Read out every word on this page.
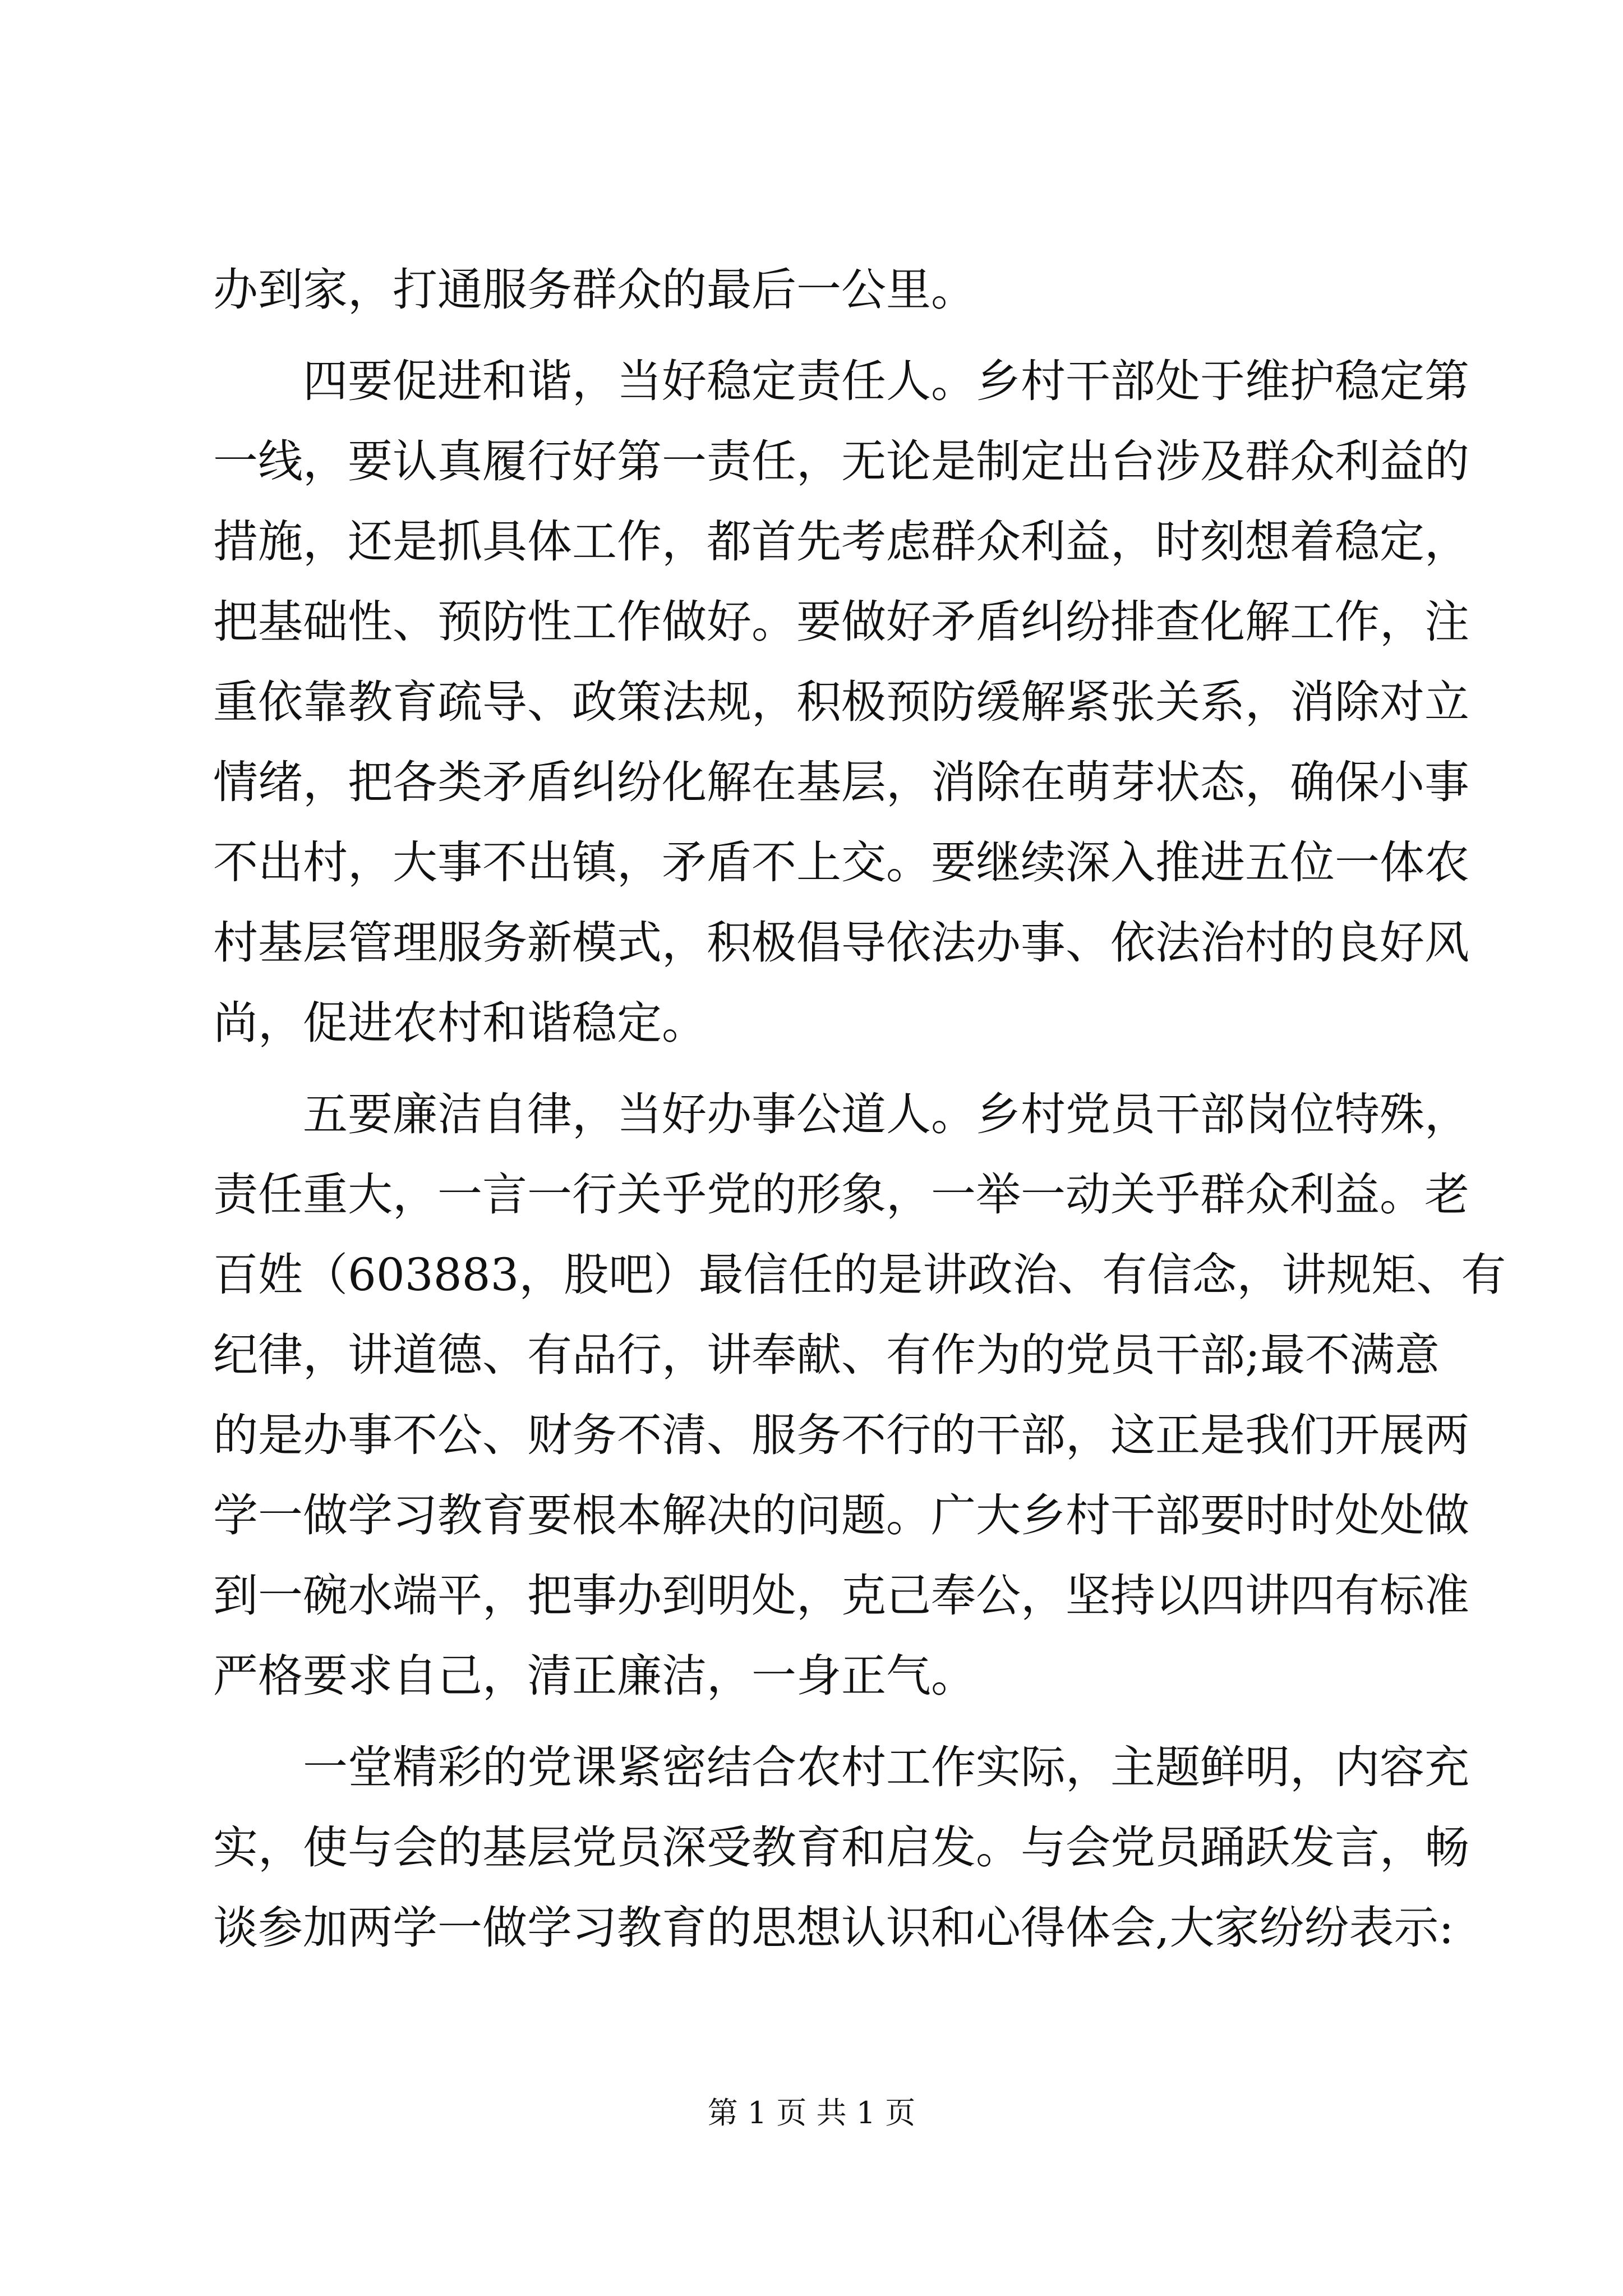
办到家，打通服务群众的最后一公里。
四要促进和谐，当好稳定责任人。乡村干部处于维护稳定第
一线，要认真履行好第一责任，无论是制定出台涉及群众利益的
措施，还是抓具体工作，都首先考虑群众利益，时刻想着稳定，
把基础性、预防性工作做好。要做好矛盾纠纷排查化解工作，注
重依靠教育疏导、政策法规，积极预防缓解紧张关系，消除对立
情绪，把各类矛盾纠纷化解在基层，消除在萌芽状态，确保小事
不出村，大事不出镇，矛盾不上交。要继续深入推进五位一体农
村基层管理服务新模式，积极倡导依法办事、依法治村的良好风
尚，促进农村和谐稳定。
五要廉洁自律，当好办事公道人。乡村党员干部岗位特殊，
责任重大，一言一行关乎党的形象，一举一动关乎群众利益。老
百姓（603883，股吧）最信任的是讲政治、有信念，讲规矩、有
纪律，讲道德、有品行，讲奉献、有作为的党员干部;最不满意
的是办事不公、财务不清、服务不行的干部，这正是我们开展两
学一做学习教育要根本解决的问题。广大乡村干部要时时处处做
到一碗水端平，把事办到明处，克己奉公，坚持以四讲四有标准
严格要求自己，清正廉洁，一身正气。
一堂精彩的党课紧密结合农村工作实际，主题鲜明，内容充
实，使与会的基层党员深受教育和启发。与会党员踊跃发言，畅
谈参加两学一做学习教育的思想认识和心得体会,大家纷纷表示:
第 1 页 共 1 页
